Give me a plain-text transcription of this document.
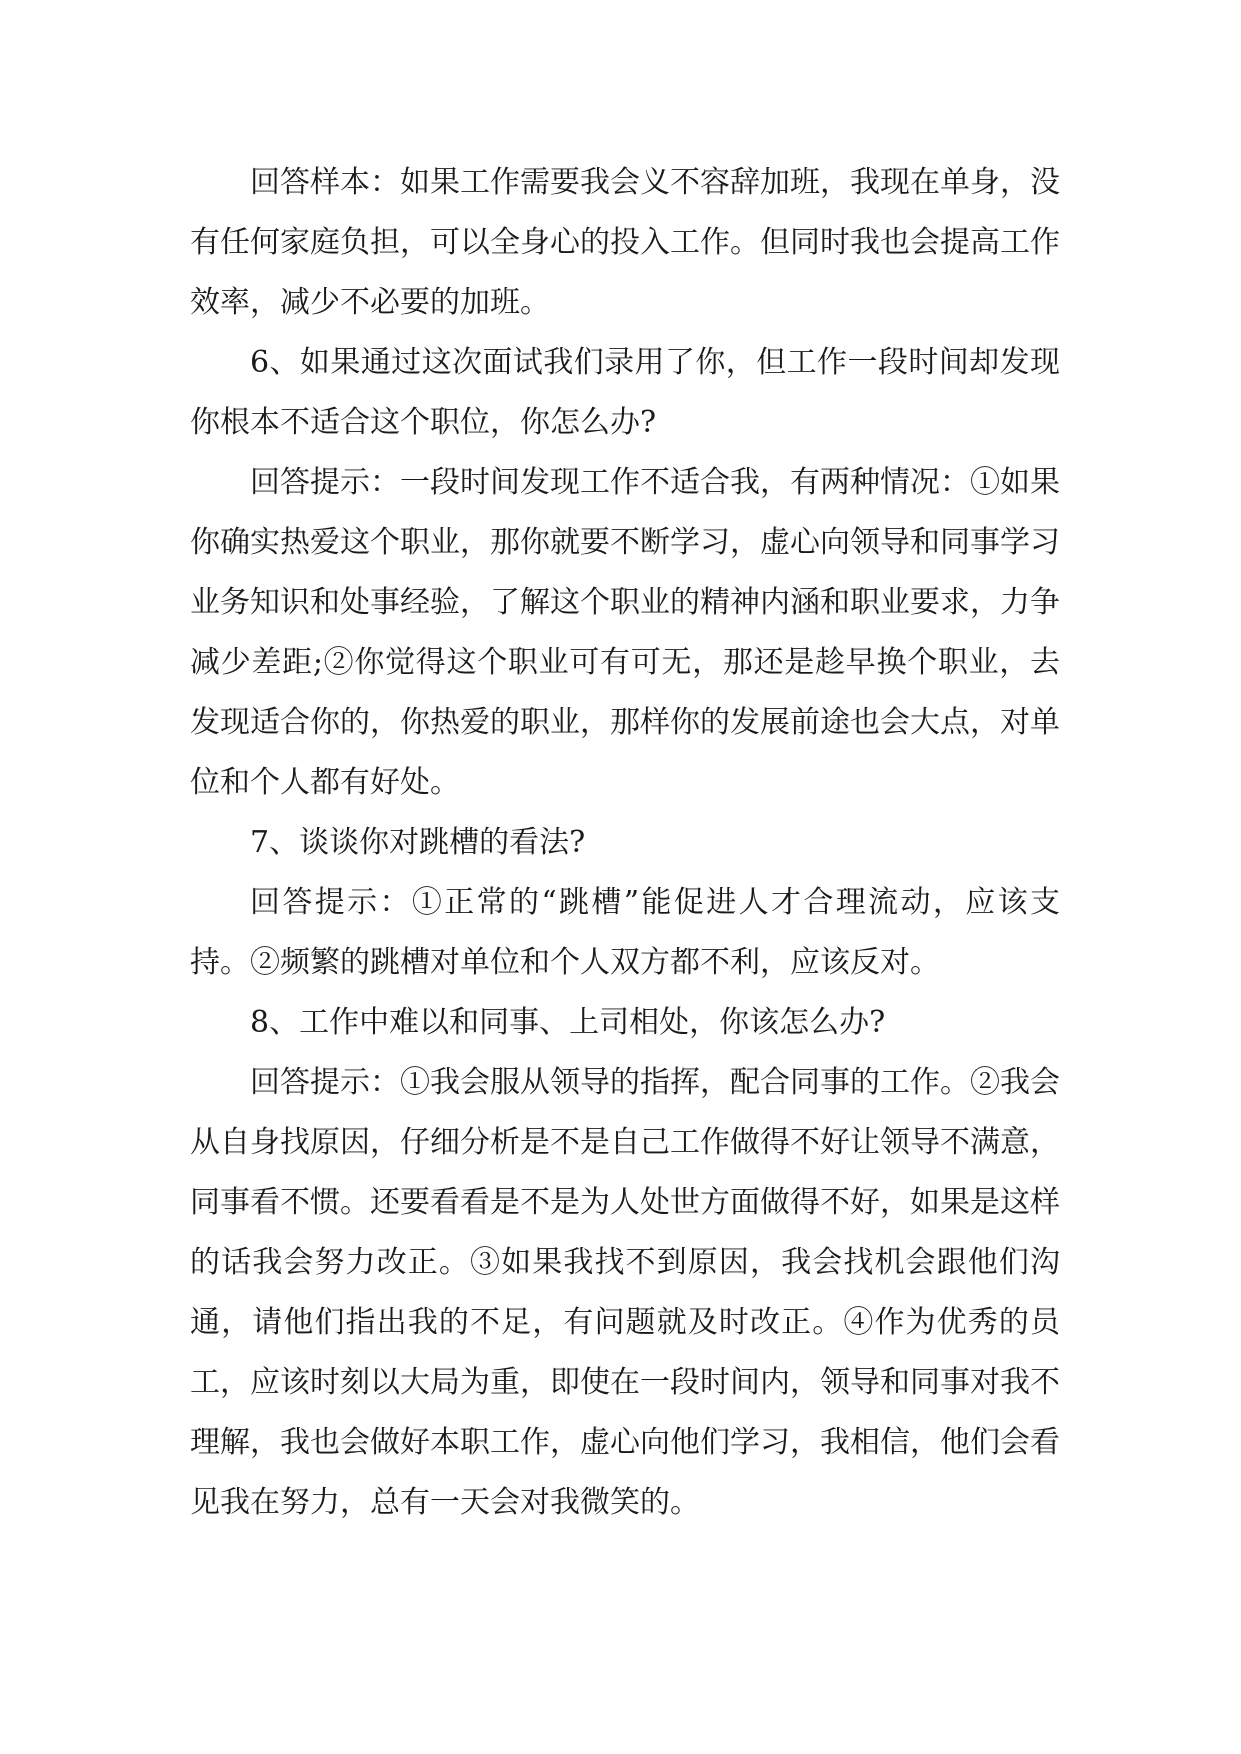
回答样本：如果工作需要我会义不容辞加班，我现在单身，没有任何家庭负担，可以全身心的投入工作。但同时我也会提高工作效率，减少不必要的加班。

6、如果通过这次面试我们录用了你，但工作一段时间却发现你根本不适合这个职位，你怎么办?

回答提示：一段时间发现工作不适合我，有两种情况：①如果你确实热爱这个职业，那你就要不断学习，虚心向领导和同事学习业务知识和处事经验，了解这个职业的精神内涵和职业要求，力争减少差距;②你觉得这个职业可有可无，那还是趁早换个职业，去发现适合你的，你热爱的职业，那样你的发展前途也会大点，对单位和个人都有好处。

7、谈谈你对跳槽的看法?

回答提示：①正常的“跳槽”能促进人才合理流动，应该支持。②频繁的跳槽对单位和个人双方都不利，应该反对。

8、工作中难以和同事、上司相处，你该怎么办?

回答提示：①我会服从领导的指挥，配合同事的工作。②我会从自身找原因，仔细分析是不是自己工作做得不好让领导不满意，同事看不惯。还要看看是不是为人处世方面做得不好，如果是这样的话我会努力改正。③如果我找不到原因，我会找机会跟他们沟通，请他们指出我的不足，有问题就及时改正。④作为优秀的员工，应该时刻以大局为重，即使在一段时间内，领导和同事对我不理解，我也会做好本职工作，虚心向他们学习，我相信，他们会看见我在努力，总有一天会对我微笑的。
